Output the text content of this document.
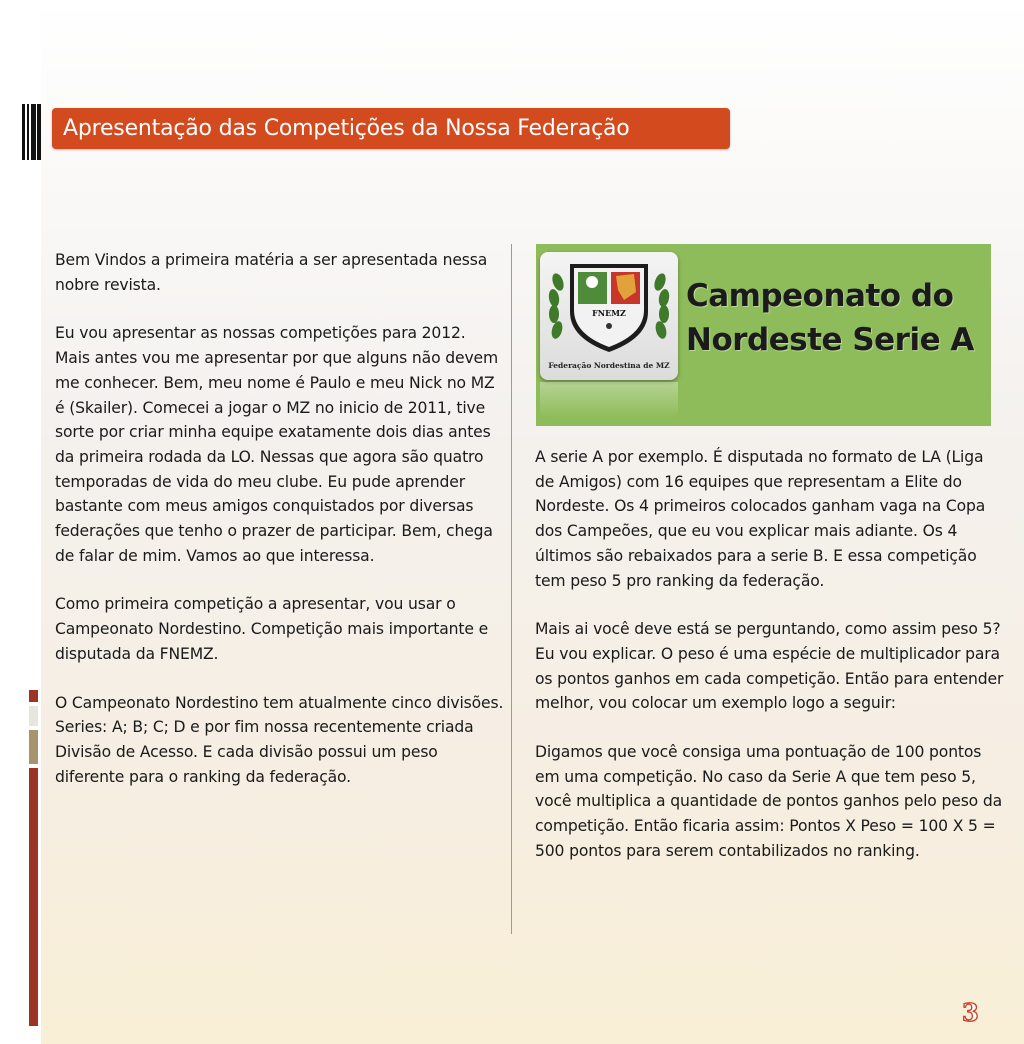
Apresentação das Competições da Nossa Federação

Bem Vindos a primeira matéria a ser apresentada nessa nobre revista.

Eu vou apresentar as nossas competições para 2012. Mais antes vou me apresentar por que alguns não devem me conhecer. Bem, meu nome é Paulo e meu Nick no MZ é (Skailer). Comecei a jogar o MZ no inicio de 2011, tive sorte por criar minha equipe exatamente dois dias antes da primeira rodada da LO. Nessas que agora são quatro temporadas de vida do meu clube. Eu pude aprender bastante com meus amigos conquistados por diversas federações que tenho o prazer de participar. Bem, chega de falar de mim. Vamos ao que interessa.

Como primeira competição a apresentar, vou usar o Campeonato Nordestino. Competição mais importante e disputada da FNEMZ.

O Campeonato Nordestino tem atualmente cinco divisões. Series: A; B; C; D e por fim nossa recentemente criada Divisão de Acesso. E cada divisão possui um peso diferente para o ranking da federação.

FNEMZ
Federação Nordestina de MZ
Campeonato do
Nordeste Serie A

A serie A por exemplo. É disputada no formato de LA (Liga de Amigos) com 16 equipes que representam a Elite do Nordeste. Os 4 primeiros colocados ganham vaga na Copa dos Campeões, que eu vou explicar mais adiante. Os 4 últimos são rebaixados para a serie B. E essa competição tem peso 5 pro ranking da federação.

Mais ai você deve está se perguntando, como assim peso 5? Eu vou explicar. O peso é uma espécie de multiplicador para os pontos ganhos em cada competição. Então para entender melhor, vou colocar um exemplo logo a seguir:

Digamos que você consiga uma pontuação de 100 pontos em uma competição. No caso da Serie A que tem peso 5, você multiplica a quantidade de pontos ganhos pelo peso da competição. Então ficaria assim: Pontos X Peso = 100 X 5 = 500 pontos para serem contabilizados no ranking.

3
